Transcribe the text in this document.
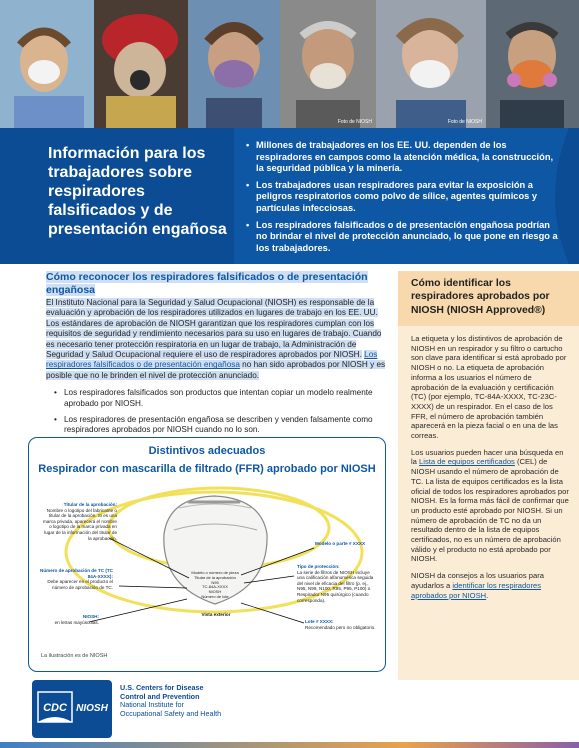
Foto de NIOSH	Foto de NIOSH
Información para los trabajadores sobre respiradores falsificados y de presentación engañosa
• Millones de trabajadores en los EE. UU. dependen de los respiradores en campos como la atención médica, la construcción, la seguridad pública y la minería.
• Los trabajadores usan respiradores para evitar la exposición a peligros respiratorios como polvo de sílice, agentes químicos y partículas infecciosas.
• Los respiradores falsificados o de presentación engañosa podrían no brindar el nivel de protección anunciado, lo que pone en riesgo a los trabajadores.
Cómo reconocer los respiradores falsificados o de presentación engañosa

El Instituto Nacional para la Seguridad y Salud Ocupacional (NIOSH) es responsable de la evaluación y aprobación de los respiradores utilizados en lugares de trabajo en los EE. UU. Los estándares de aprobación de NIOSH garantizan que los respiradores cumplan con los requisitos de seguridad y rendimiento necesarios para su uso en lugares de trabajo. Cuando es necesario tener protección respiratoria en un lugar de trabajo, la Administración de Seguridad y Salud Ocupacional requiere el uso de respiradores aprobados por NIOSH. Los respiradores falsificados o de presentación engañosa no han sido aprobados por NIOSH y es posible que no le brinden el nivel de protección anunciado.

• Los respiradores falsificados son productos que intentan copiar un modelo realmente aprobado por NIOSH.
• Los respiradores de presentación engañosa se describen y venden falsamente como respiradores aprobados por NIOSH cuando no lo son.
Distintivos adecuados
Respirador con mascarilla de filtrado (FFR) aprobado por NIOSH
Titular de la aprobación:
Nombre o logotipo del fabricante o titular de la aprobación. Si es una marca privada, aparecerá el nombre o logotipo de la marca privada en lugar de la información del titular de la aprobación.
Número de aprobación de TC (TC 84A-XXXX):
Debe aparecer en el producto el número de aprobación de TC.
NIOSH:
en letras mayúsculas.
Modelo o parte # XXXX
Tipo de protección:
La serie de filtros de NIOSH incluye una calificación alfanumérica seguida del nivel de eficacia del filtro (p. ej., N95, N99, N100, R95, P95, P100) o Respirador N95 quirúrgico (cuando corresponda).
Lote # XXXX:
Recomendado pero no obligatorio.
Modelo o número de pieza
Titular de la aprobación
N95
TC-84A-XXXX
NIOSH
Número de lote
Vista exterior
La ilustración es de NIOSH
Cómo identificar los respiradores aprobados por NIOSH (NIOSH Approved®)

La etiqueta y los distintivos de aprobación de NIOSH en un respirador y su filtro o cartucho son clave para identificar si está aprobado por NIOSH o no. La etiqueta de aprobación informa a los usuarios el número de aprobación de la evaluación y certificación (TC) (por ejemplo, TC-84A-XXXX, TC-23C-XXXX) de un respirador. En el caso de los FFR, el número de aprobación también aparecerá en la pieza facial o en una de las correas.

Los usuarios pueden hacer una búsqueda en la Lista de equipos certificados (CEL) de NIOSH usando el número de aprobación de TC. La lista de equipos certificados es la lista oficial de todos los respiradores aprobados por NIOSH. Es la forma más fácil de confirmar que un producto esté aprobado por NIOSH. Si un número de aprobación de TC no da un resultado dentro de la lista de equipos certificados, no es un número de aprobación válido y el producto no está aprobado por NIOSH.

NIOSH da consejos a los usuarios para ayudarlos a identificar los respiradores aprobados por NIOSH.

CDC NIOSH
U.S. Centers for Disease
Control and Prevention
National Institute for
Occupational Safety and Health
